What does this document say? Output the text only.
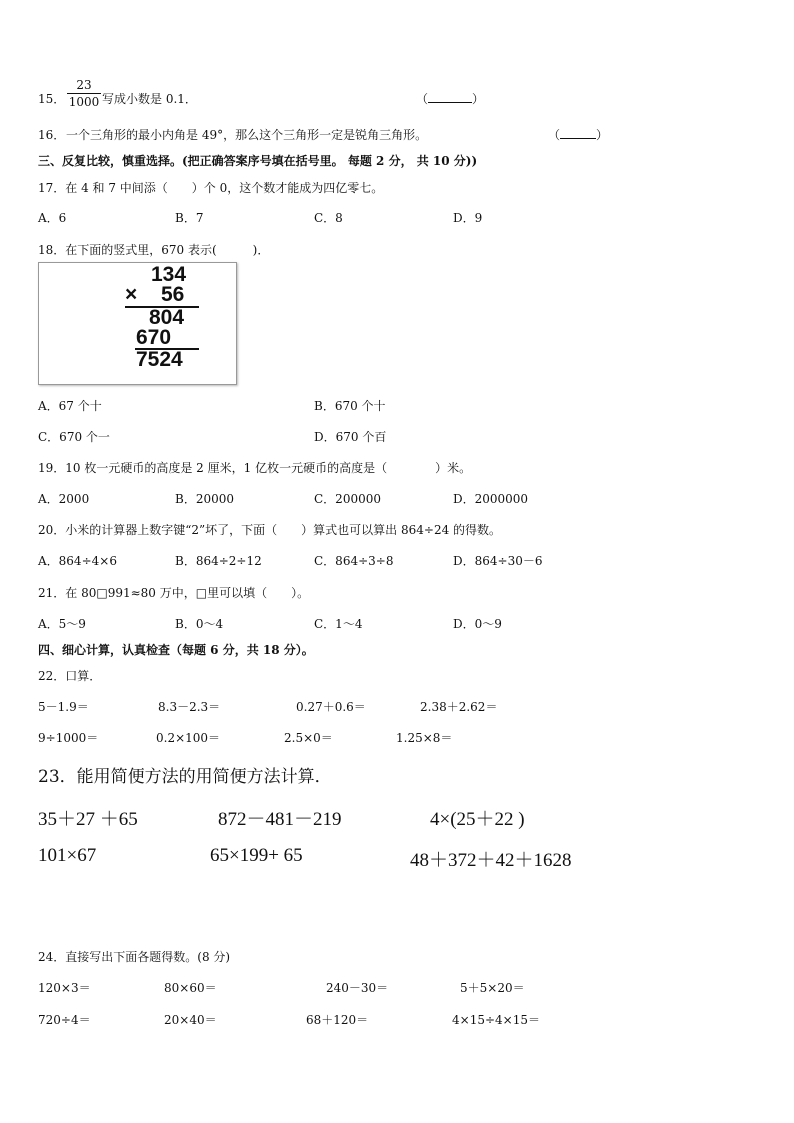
15．
23
1000 写成小数是 0.1．	（	）
16． 一个三角形的最小内角是 49°，那么这个三角形一定是锐角三角形。	（	）
三、反复比较，慎重选择。(把正确答案序号填在括号里。 每题 2 分， 共 10 分))
17．在 4 和 7 中间添（　　）个 0，这个数才能成为四亿零七。
A．6	B．7	C．8	D．9
18．在下面的竖式里，670 表示(　　　)．
134
× 56
804
670
7524
A．67 个十	B．670 个十
C．670 个一	D．670 个百
19．10 枚一元硬币的高度是 2 厘米，1 亿枚一元硬币的高度是（　　　　）米。
A．2000	B．20000	C．200000	D．2000000
20．小米的计算器上数字键“2”坏了，下面（　　）算式也可以算出 864÷24 的得数。
A．864÷4×6	B．864÷2÷12	C．864÷3÷8	D．864÷30－6
21．在 80□991≈80 万中，□里可以填（　　）。
A．5～9	B．0～4	C．1～4	D．0～9
四、细心计算，认真检查（每题 6 分，共 18 分）。
22．口算．
5－1.9＝	8.3－2.3＝	0.27＋0.6＝	2.38＋2.62＝
9÷1000＝	0.2×100＝	2.5×0＝	1.25×8＝
23．能用简便方法的用简便方法计算．
35＋27 ＋65	872－481－219	4×(25＋22 )
101×67	65×199+ 65	48＋372＋42＋1628
24．直接写出下面各题得数。(8 分)
120×3＝	80×60＝	240－30＝	5＋5×20＝
720÷4＝	20×40＝	68＋120＝	4×15÷4×15＝
